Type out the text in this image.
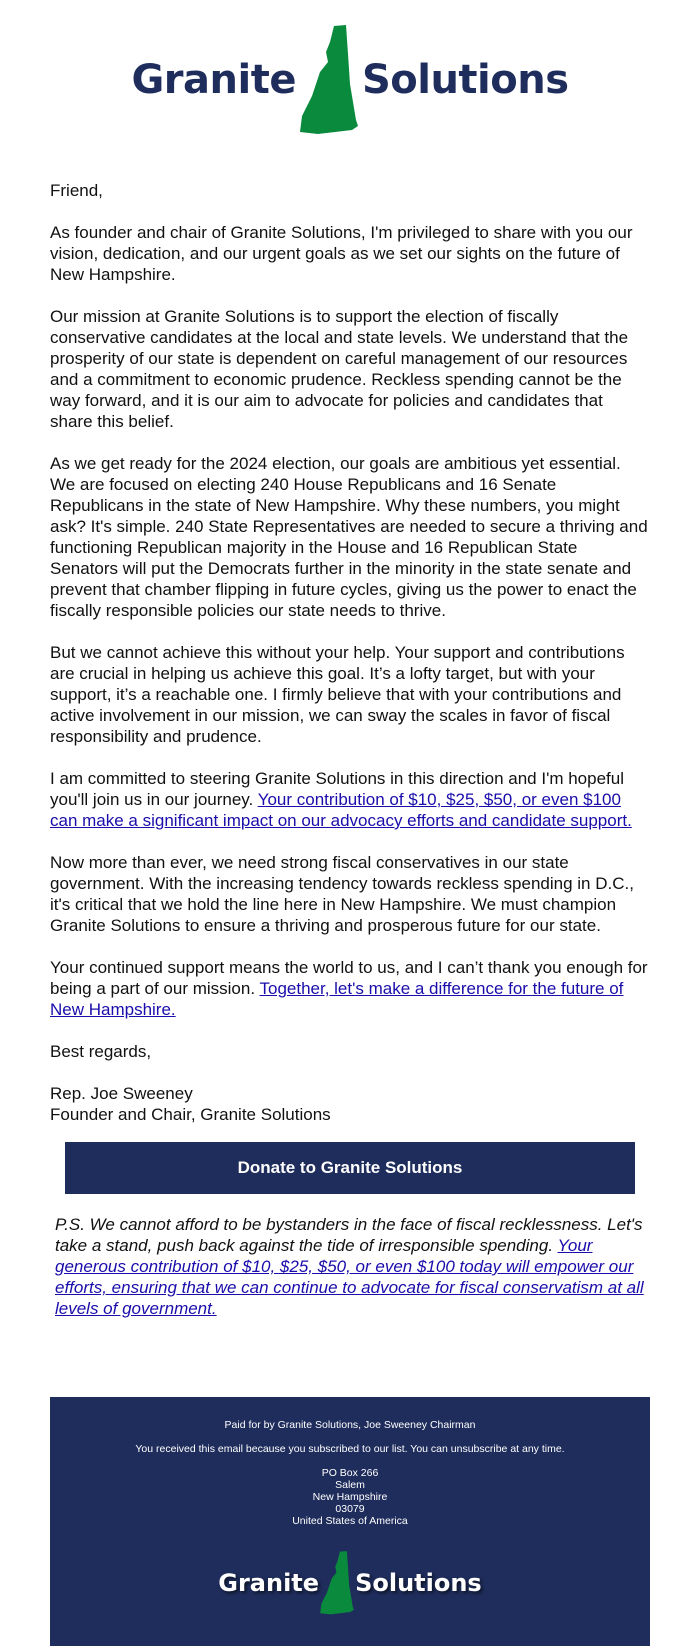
Granite Solutions

Friend,

As founder and chair of Granite Solutions, I'm privileged to share with you our vision, dedication, and our urgent goals as we set our sights on the future of New Hampshire.

Our mission at Granite Solutions is to support the election of fiscally conservative candidates at the local and state levels. We understand that the prosperity of our state is dependent on careful management of our resources and a commitment to economic prudence. Reckless spending cannot be the way forward, and it is our aim to advocate for policies and candidates that share this belief.

As we get ready for the 2024 election, our goals are ambitious yet essential. We are focused on electing 240 House Republicans and 16 Senate Republicans in the state of New Hampshire. Why these numbers, you might ask? It's simple. 240 State Representatives are needed to secure a thriving and functioning Republican majority in the House and 16 Republican State Senators will put the Democrats further in the minority in the state senate and prevent that chamber flipping in future cycles, giving us the power to enact the fiscally responsible policies our state needs to thrive.

But we cannot achieve this without your help. Your support and contributions are crucial in helping us achieve this goal. It’s a lofty target, but with your support, it’s a reachable one. I firmly believe that with your contributions and active involvement in our mission, we can sway the scales in favor of fiscal responsibility and prudence.

I am committed to steering Granite Solutions in this direction and I'm hopeful you'll join us in our journey. Your contribution of $10, $25, $50, or even $100 can make a significant impact on our advocacy efforts and candidate support.

Now more than ever, we need strong fiscal conservatives in our state government. With the increasing tendency towards reckless spending in D.C., it's critical that we hold the line here in New Hampshire. We must champion Granite Solutions to ensure a thriving and prosperous future for our state.

Your continued support means the world to us, and I can’t thank you enough for being a part of our mission. Together, let's make a difference for the future of New Hampshire.

Best regards,

Rep. Joe Sweeney
Founder and Chair, Granite Solutions

Donate to Granite Solutions
P.S. We cannot afford to be bystanders in the face of fiscal recklessness. Let's take a stand, push back against the tide of irresponsible spending. Your generous contribution of $10, $25, $50, or even $100 today will empower our efforts, ensuring that we can continue to advocate for fiscal conservatism at all levels of government.
Paid for by Granite Solutions, Joe Sweeney Chairman
You received this email because you subscribed to our list. You can unsubscribe at any time.
PO Box 266
Salem
New Hampshire
03079
United States of America
Granite Solutions
